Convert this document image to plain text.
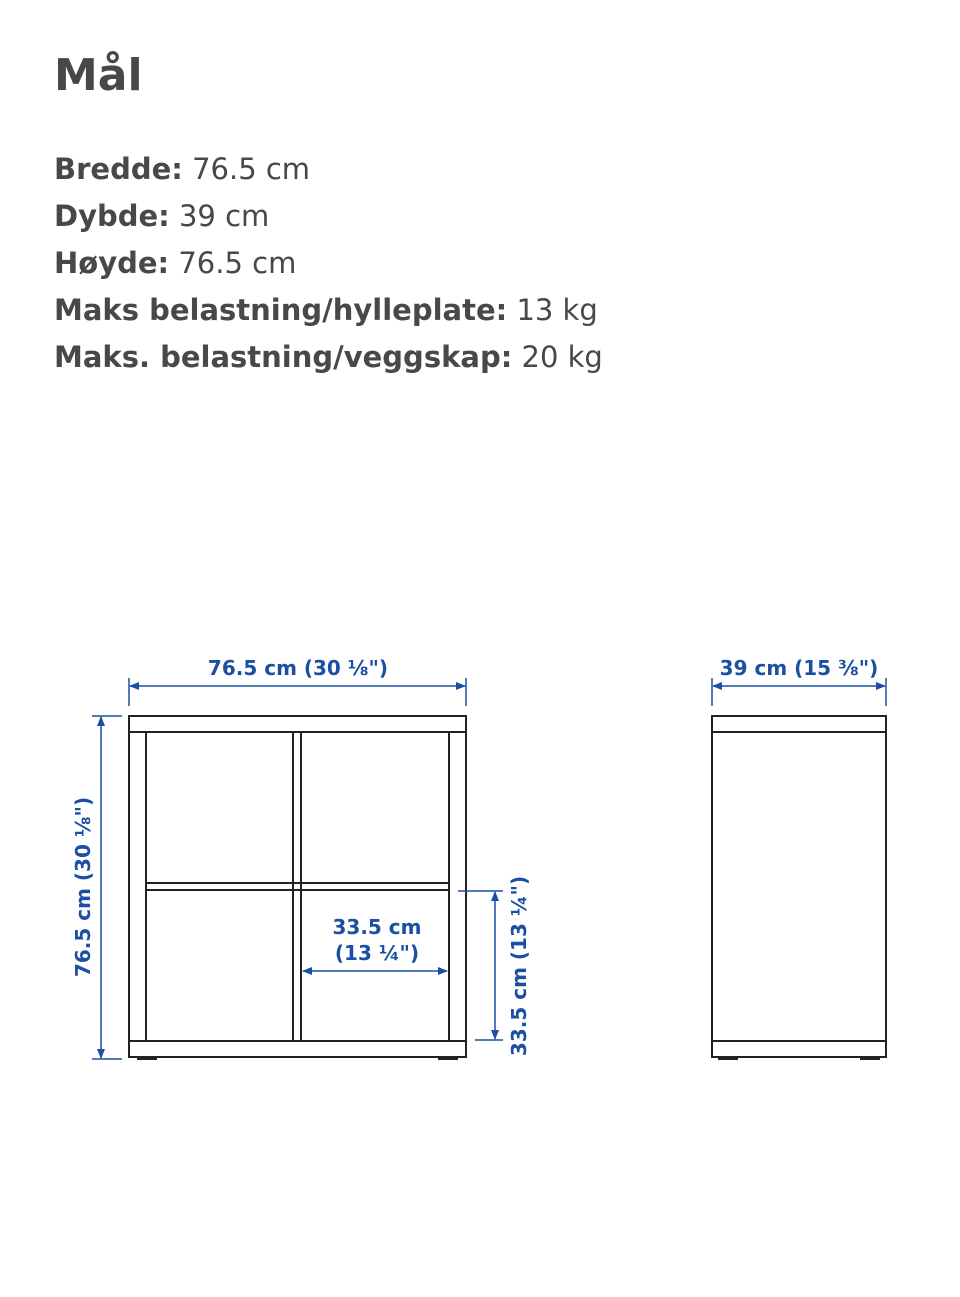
Mål
Bredde: 76.5 cm
Dybde: 39 cm
Høyde: 76.5 cm
Maks belastning/hylleplate: 13 kg
Maks. belastning/veggskap: 20 kg
76.5 cm (30 ⅛")
76.5 cm (30 ⅛")	33.5 cm
(13 ¼")	33.5 cm (13 ¼")
39 cm (15 ⅜")
